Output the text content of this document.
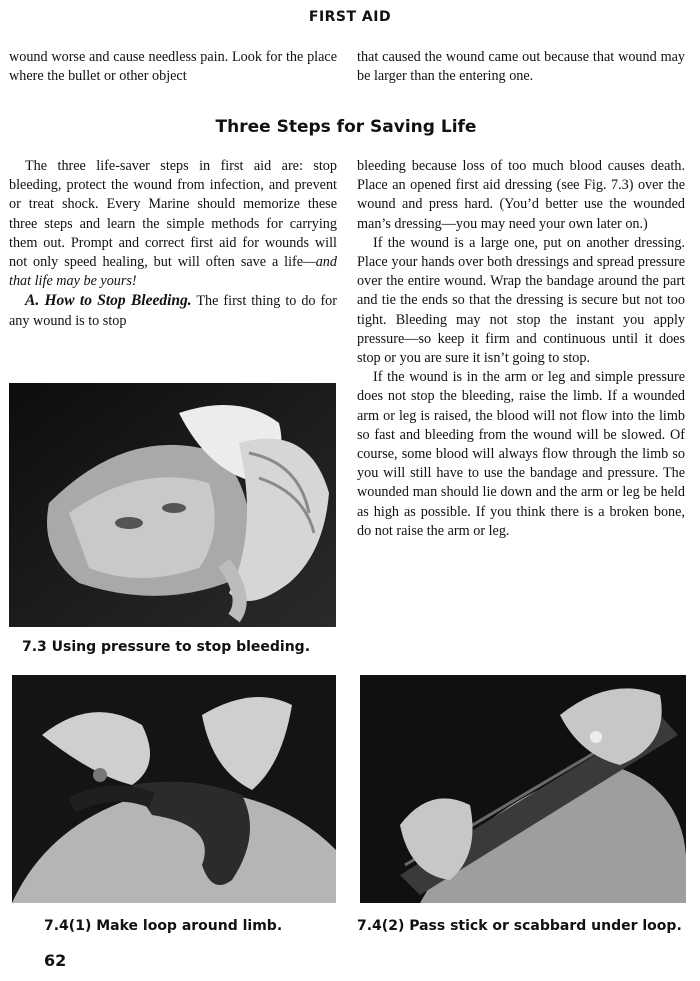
FIRST AID

wound worse and cause needless pain. Look for the place where the bullet or other object

that caused the wound came out because that wound may be larger than the entering one.

Three Steps for Saving Life

The three life-saver steps in first aid are: stop bleeding, protect the wound from infection, and prevent or treat shock. Every Marine should memorize these three steps and learn the simple methods for carrying them out. Prompt and correct first aid for wounds will not only speed healing, but will often save a life—and that life may be yours!

A. How to Stop Bleeding. The first thing to do for any wound is to stop

bleeding because loss of too much blood causes death. Place an opened first aid dressing (see Fig. 7.3) over the wound and press hard. (You’d better use the wounded man’s dressing—you may need your own later on.)

If the wound is a large one, put on another dressing. Place your hands over both dressings and spread pressure over the entire wound. Wrap the bandage around the part and tie the ends so that the dressing is secure but not too tight. Bleeding may not stop the instant you apply pressure—so keep it firm and continuous until it does stop or you are sure it isn’t going to stop.

If the wound is in the arm or leg and simple pressure does not stop the bleeding, raise the limb. If a wounded arm or leg is raised, the blood will not flow into the limb so fast and bleeding from the wound will be slowed. Of course, some blood will always flow through the limb so you will still have to use the bandage and pressure. The wounded man should lie down and the arm or leg be held as high as possible. If you think there is a broken bone, do not raise the arm or leg.

7.3 Using pressure to stop bleeding.
7.4(1) Make loop around limb.	7.4(2) Pass stick or scabbard under loop.
62
